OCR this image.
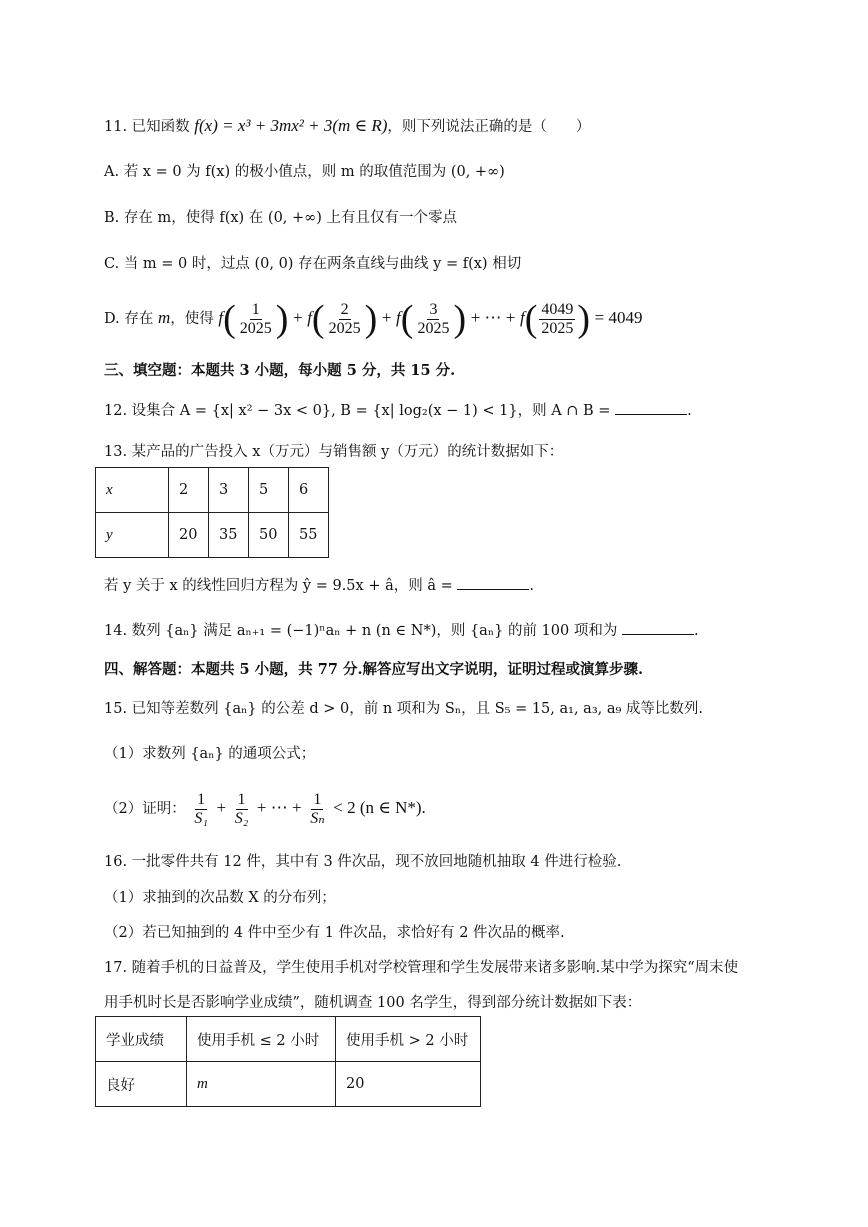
11. 已知函数 f(x) = x³ + 3mx² + 3(m ∈ R)，则下列说法正确的是（　　）
A. 若 x = 0 为 f(x) 的极小值点，则 m 的取值范围为 (0, +∞)
B. 存在 m，使得 f(x) 在 (0, +∞) 上有且仅有一个零点
C. 当 m = 0 时，过点 (0, 0) 存在两条直线与曲线 y = f(x) 相切
D. 存在 m，使得 $f( \frac{1}{2025}$ ) + $f( \frac{2}{2025}$ ) + $f( \frac{3}{2025}$ ) + ⋯ + $f( \frac{4049}{2025}$ ) = 4049
三、填空题：本题共 3 小题，每小题 5 分，共 15 分.
12. 设集合 A = {x| x² − 3x < 0}, B = {x| log₂(x − 1) < 1}，则 A ∩ B =	.
13. 某产品的广告投入 x（万元）与销售额 y（万元）的统计数据如下：
x	2	3	5	6
y	20	35	50	55
若 y 关于 x 的线性回归方程为 ŷ = 9.5x + â，则 â =	.
14. 数列 {aₙ} 满足 aₙ₊₁ = (−1)ⁿaₙ + n (n ∈ N*)，则 {aₙ} 的前 100 项和为	.
四、解答题：本题共 5 小题，共 77 分.解答应写出文字说明，证明过程或演算步骤.
15. 已知等差数列 {aₙ} 的公差 d > 0，前 n 项和为 Sₙ，且 S₅ = 15, a₁, a₃, a₉ 成等比数列.
（1）求数列 {aₙ} 的通项公式；
（2）证明： $\frac{1}{\text{S₁}} + \frac{1}{\text{S₂}}$ + ⋯ + $\frac{1}{\text{Sₙ}} < 2$ (n ∈ N*).
16. 一批零件共有 12 件，其中有 3 件次品，现不放回地随机抽取 4 件进行检验.
（1）求抽到的次品数 X 的分布列；
（2）若已知抽到的 4 件中至少有 1 件次品，求恰好有 2 件次品的概率.
17. 随着手机的日益普及，学生使用手机对学校管理和学生发展带来诸多影响.某中学为探究“周末使
用手机时长是否影响学业成绩”，随机调查 100 名学生，得到部分统计数据如下表：
学业成绩	使用手机 ≤ 2 小时	使用手机 > 2 小时
良好	m	20
